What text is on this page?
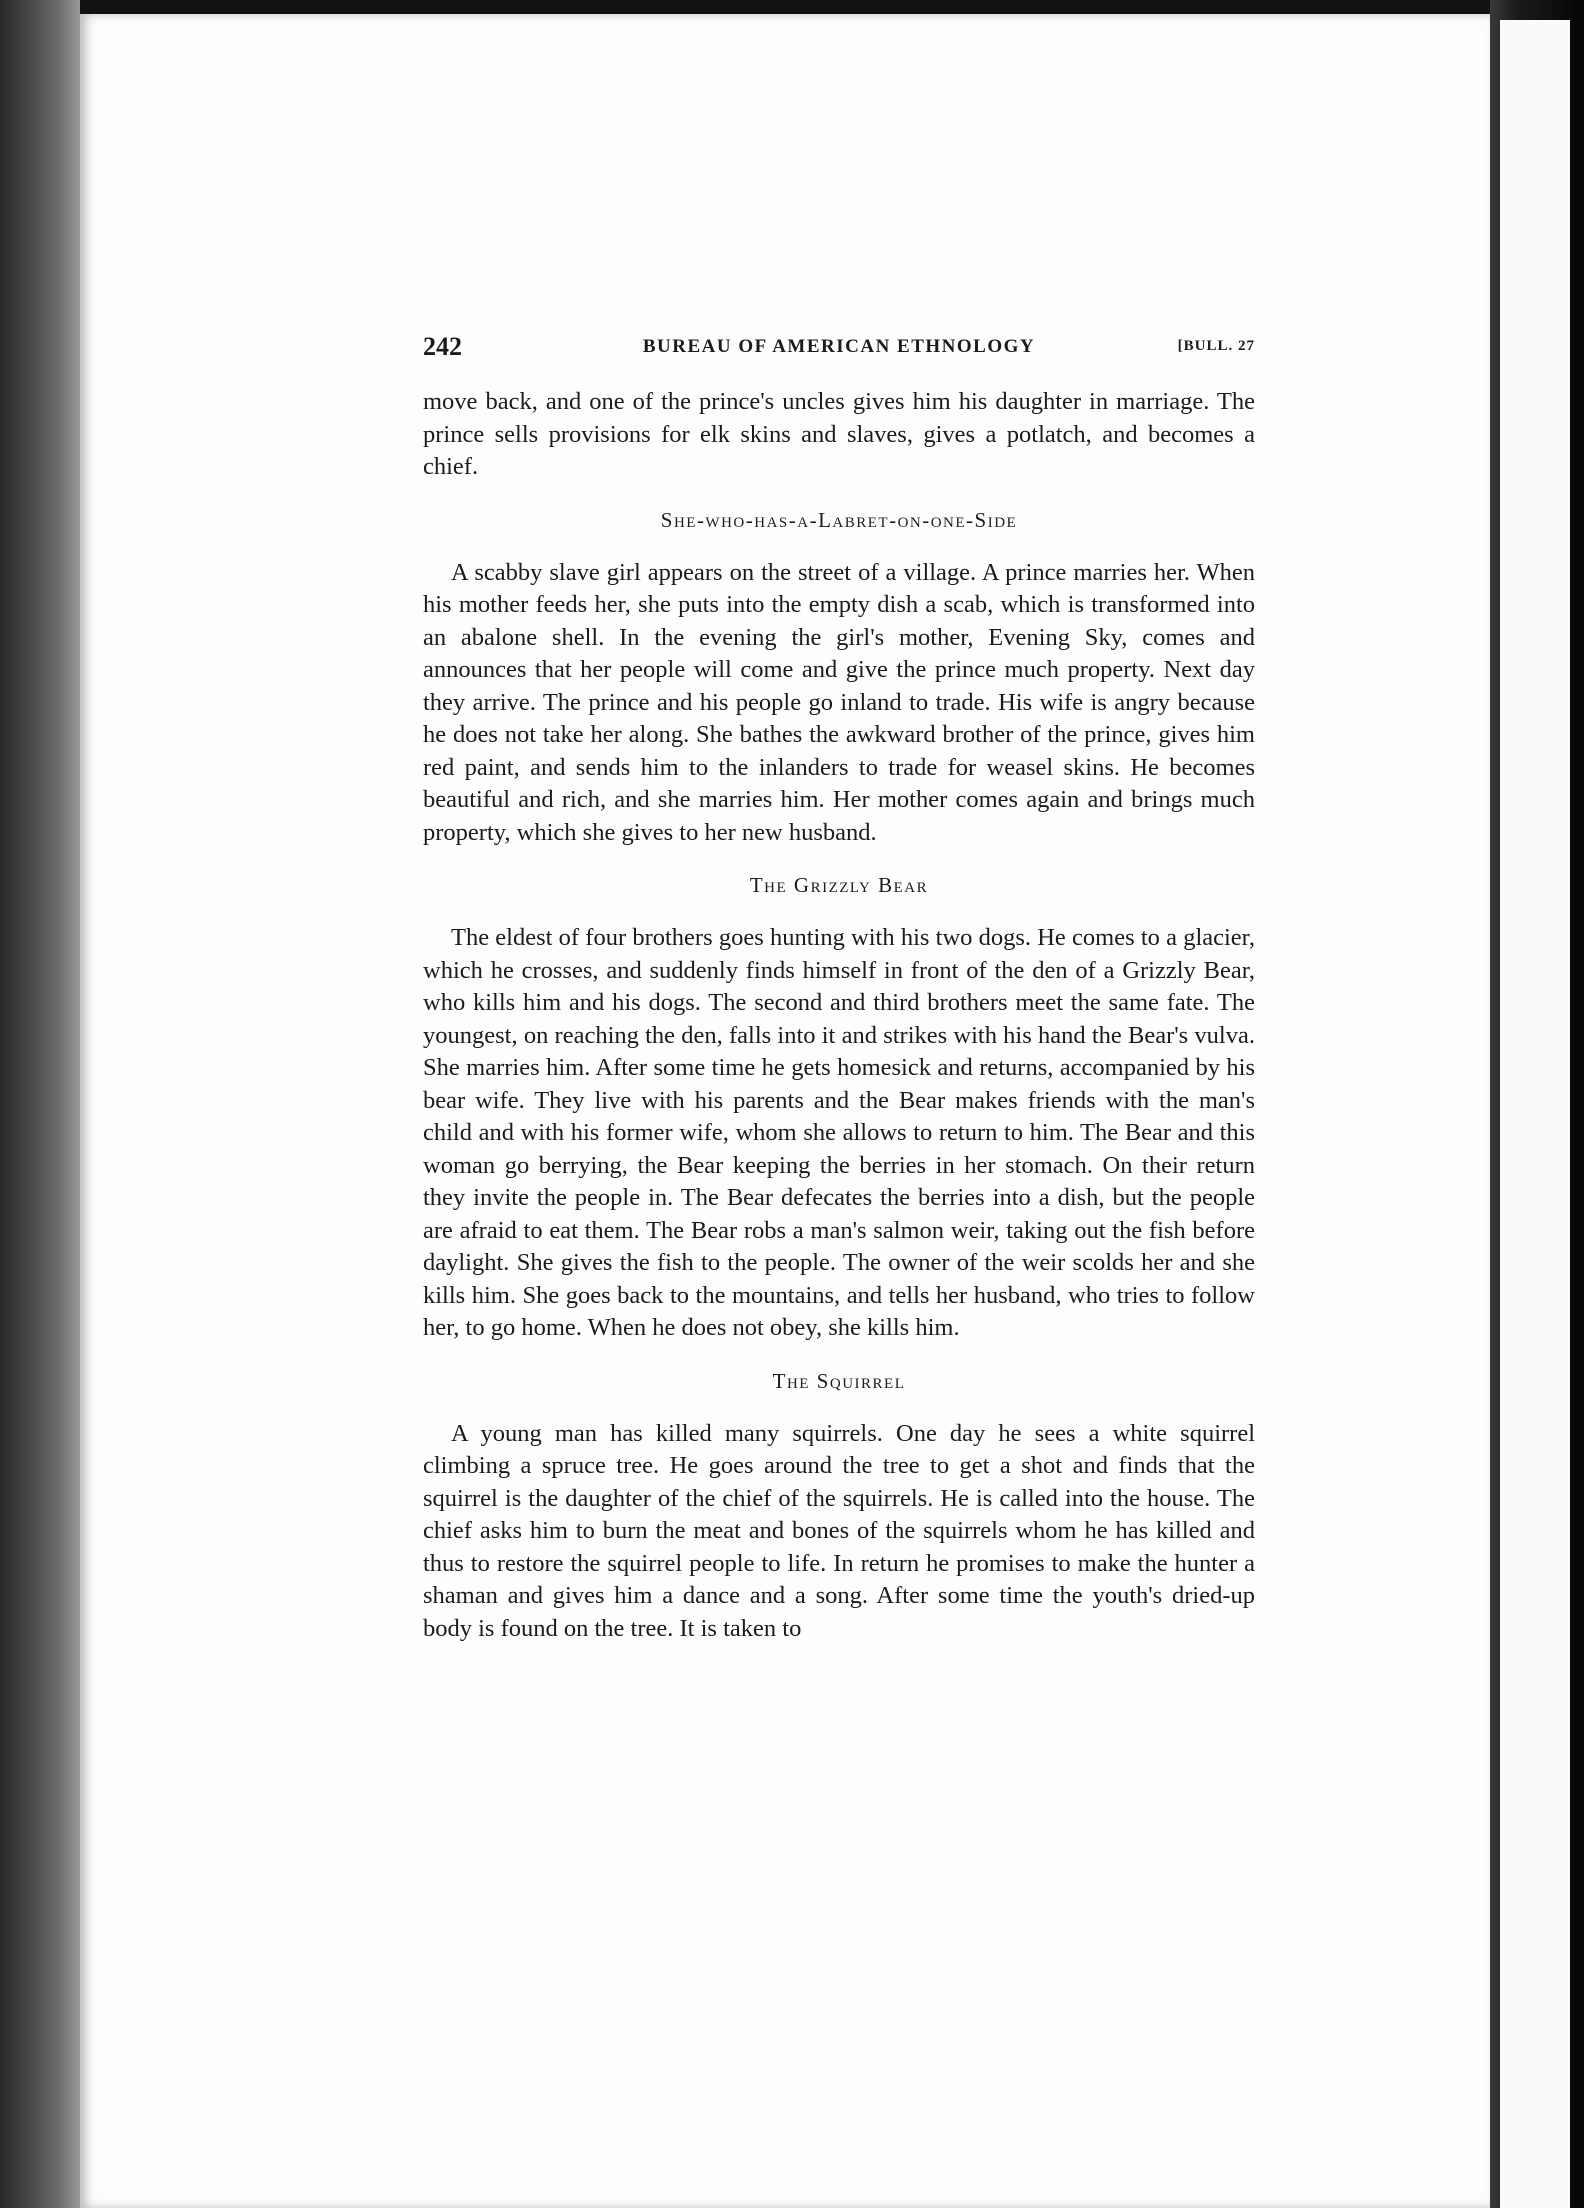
242	BUREAU OF AMERICAN ETHNOLOGY	[BULL. 27

move back, and one of the prince's uncles gives him his daughter in marriage. The prince sells provisions for elk skins and slaves, gives a potlatch, and becomes a chief.

She-who-has-a-Labret-on-one-Side

A scabby slave girl appears on the street of a village. A prince marries her. When his mother feeds her, she puts into the empty dish a scab, which is transformed into an abalone shell. In the evening the girl's mother, Evening Sky, comes and announces that her people will come and give the prince much property. Next day they arrive. The prince and his people go inland to trade. His wife is angry because he does not take her along. She bathes the awkward brother of the prince, gives him red paint, and sends him to the inlanders to trade for weasel skins. He becomes beautiful and rich, and she marries him. Her mother comes again and brings much property, which she gives to her new husband.

The Grizzly Bear

The eldest of four brothers goes hunting with his two dogs. He comes to a glacier, which he crosses, and suddenly finds himself in front of the den of a Grizzly Bear, who kills him and his dogs. The second and third brothers meet the same fate. The youngest, on reaching the den, falls into it and strikes with his hand the Bear's vulva. She marries him. After some time he gets homesick and returns, accompanied by his bear wife. They live with his parents and the Bear makes friends with the man's child and with his former wife, whom she allows to return to him. The Bear and this woman go berrying, the Bear keeping the berries in her stomach. On their return they invite the people in. The Bear defecates the berries into a dish, but the people are afraid to eat them. The Bear robs a man's salmon weir, taking out the fish before daylight. She gives the fish to the people. The owner of the weir scolds her and she kills him. She goes back to the mountains, and tells her husband, who tries to follow her, to go home. When he does not obey, she kills him.

The Squirrel

A young man has killed many squirrels. One day he sees a white squirrel climbing a spruce tree. He goes around the tree to get a shot and finds that the squirrel is the daughter of the chief of the squirrels. He is called into the house. The chief asks him to burn the meat and bones of the squirrels whom he has killed and thus to restore the squirrel people to life. In return he promises to make the hunter a shaman and gives him a dance and a song. After some time the youth's dried-up body is found on the tree. It is taken to
